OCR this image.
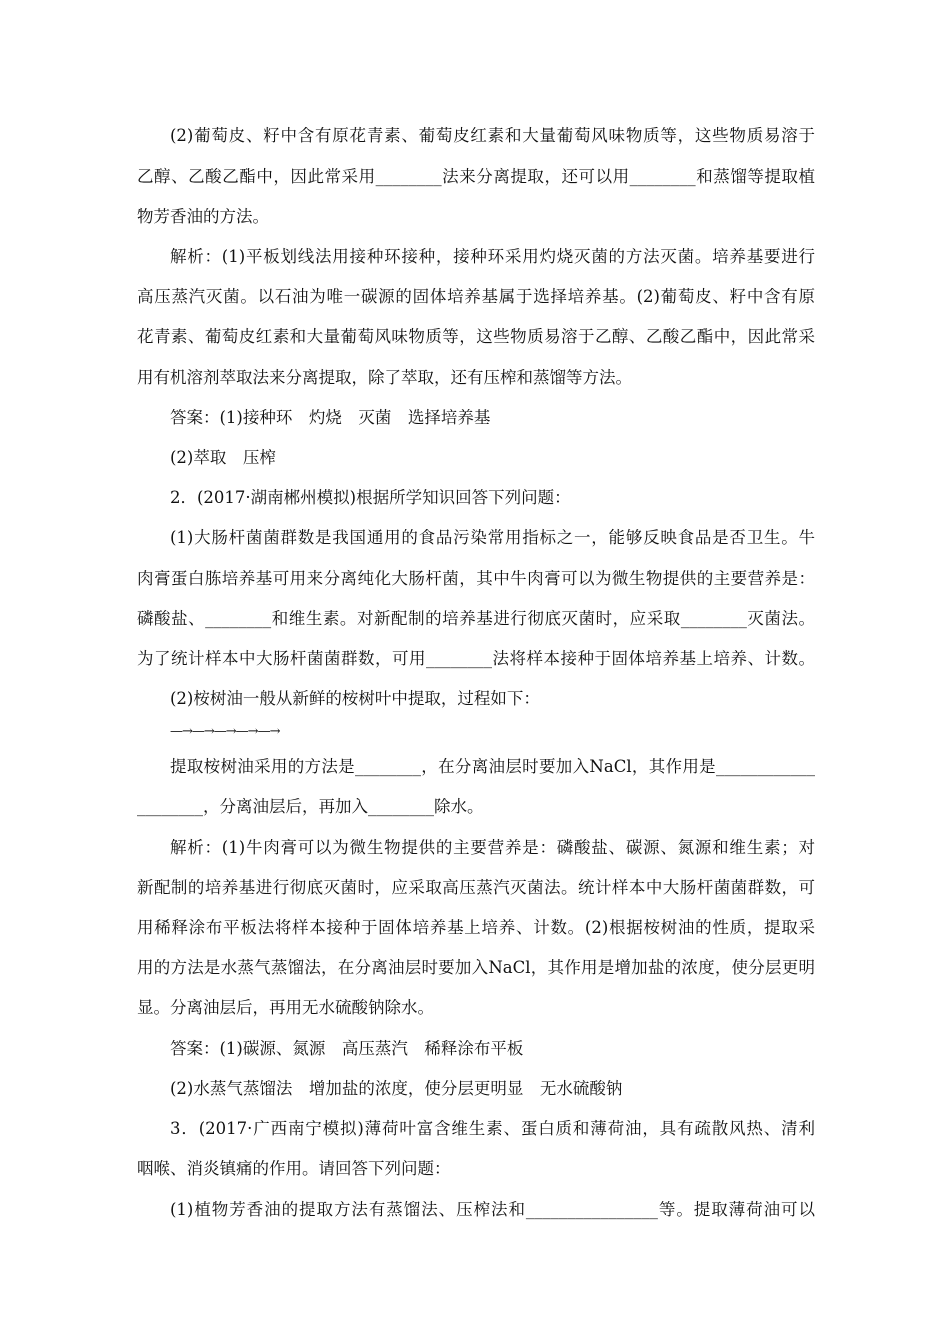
(2)葡萄皮、籽中含有原花青素、葡萄皮红素和大量葡萄风味物质等，这些物质易溶于
乙醇、乙酸乙酯中，因此常采用________法来分离提取，还可以用________和蒸馏等提取植
物芳香油的方法。
解析：(1)平板划线法用接种环接种，接种环采用灼烧灭菌的方法灭菌。培养基要进行
高压蒸汽灭菌。以石油为唯一碳源的固体培养基属于选择培养基。(2)葡萄皮、籽中含有原
花青素、葡萄皮红素和大量葡萄风味物质等，这些物质易溶于乙醇、乙酸乙酯中，因此常采
用有机溶剂萃取法来分离提取，除了萃取，还有压榨和蒸馏等方法。
答案：(1)接种环　灼烧　灭菌　选择培养基
(2)萃取　压榨
2．(2017·湖南郴州模拟)根据所学知识回答下列问题：
(1)大肠杆菌菌群数是我国通用的食品污染常用指标之一，能够反映食品是否卫生。牛
肉膏蛋白胨培养基可用来分离纯化大肠杆菌，其中牛肉膏可以为微生物提供的主要营养是：
磷酸盐、________和维生素。对新配制的培养基进行彻底灭菌时，应采取________灭菌法。
为了统计样本中大肠杆菌菌群数，可用________法将样本接种于固体培养基上培养、计数。
(2)桉树油一般从新鲜的桉树叶中提取，过程如下：
—→—→—→—→—→
提取桉树油采用的方法是________，在分离油层时要加入NaCl，其作用是____________
________，分离油层后，再加入________除水。
解析：(1)牛肉膏可以为微生物提供的主要营养是：磷酸盐、碳源、氮源和维生素；对
新配制的培养基进行彻底灭菌时，应采取高压蒸汽灭菌法。统计样本中大肠杆菌菌群数，可
用稀释涂布平板法将样本接种于固体培养基上培养、计数。(2)根据桉树油的性质，提取采
用的方法是水蒸气蒸馏法，在分离油层时要加入NaCl，其作用是增加盐的浓度，使分层更明
显。分离油层后，再用无水硫酸钠除水。
答案：(1)碳源、氮源　高压蒸汽　稀释涂布平板
(2)水蒸气蒸馏法　增加盐的浓度，使分层更明显　无水硫酸钠
3．(2017·广西南宁模拟)薄荷叶富含维生素、蛋白质和薄荷油，具有疏散风热、清利
咽喉、消炎镇痛的作用。请回答下列问题：
(1)植物芳香油的提取方法有蒸馏法、压榨法和________________等。提取薄荷油可以
